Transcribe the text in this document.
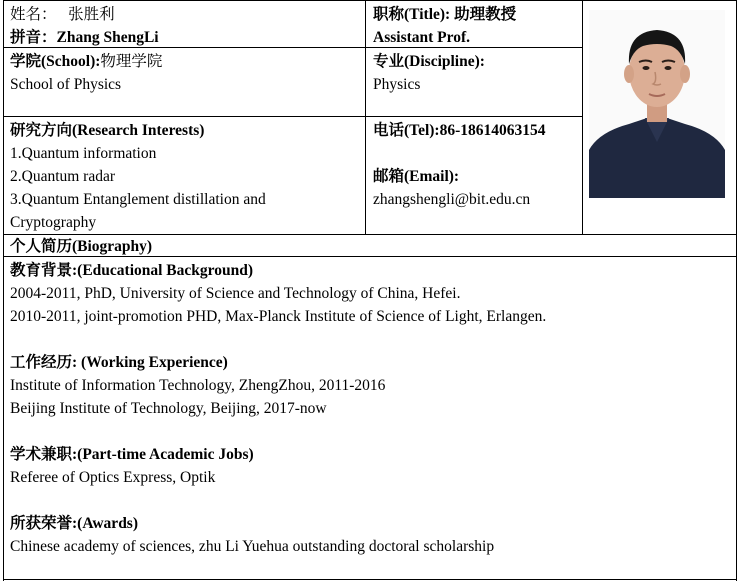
姓名： 张胜利
拼音：Zhang ShengLi
职称(Title): 助理教授
Assistant Prof.
学院(School):物理学院
School of Physics
专业(Discipline):
Physics
研究方向(Research Interests)
1.Quantum information
2.Quantum radar
3.Quantum Entanglement distillation and
Cryptography
电话(Tel):86-18614063154
邮箱(Email):
zhangshengli@bit.edu.cn
个人简历(Biography)
教育背景:(Educational Background)
2004-2011, PhD, University of Science and Technology of China, Hefei.
2010-2011, joint-promotion PHD, Max-Planck Institute of Science of Light, Erlangen.
工作经历: (Working Experience)
Institute of Information Technology, ZhengZhou, 2011-2016
Beijing Institute of Technology, Beijing, 2017-now
学术兼职:(Part-time Academic Jobs)
Referee of Optics Express, Optik
所获荣誉:(Awards)
Chinese academy of sciences, zhu Li Yuehua outstanding doctoral scholarship
